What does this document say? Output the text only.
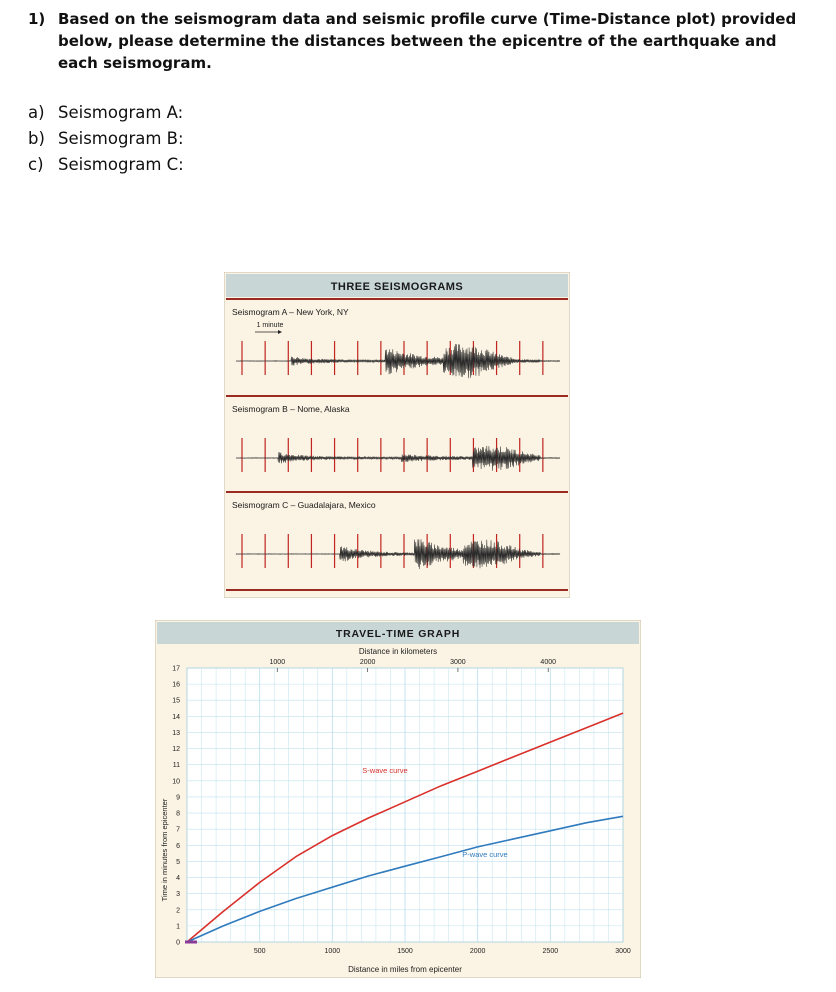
1) Based on the seismogram data and seismic profile curve (Time-Distance plot) provided below, please determine the distances between the epicentre of the earthquake and each seismogram.
a) Seismogram A:
b) Seismogram B:
c) Seismogram C:
THREE SEISMOGRAMS
Seismogram A – New York, NY
1 minute
Seismogram B – Nome, Alaska
Seismogram C – Guadalajara, Mexico
TRAVEL-TIME GRAPH
Distance in kilometers
Time in minutes from epicenter
Distance in miles from epicenter
0
1
2
3
4
5
6
7
8
9
10
11
12
13
14
15
16
17
500	1000	1500	2000	2500	3000
1000	2000	3000	4000
S-wave curve
P-wave curve
